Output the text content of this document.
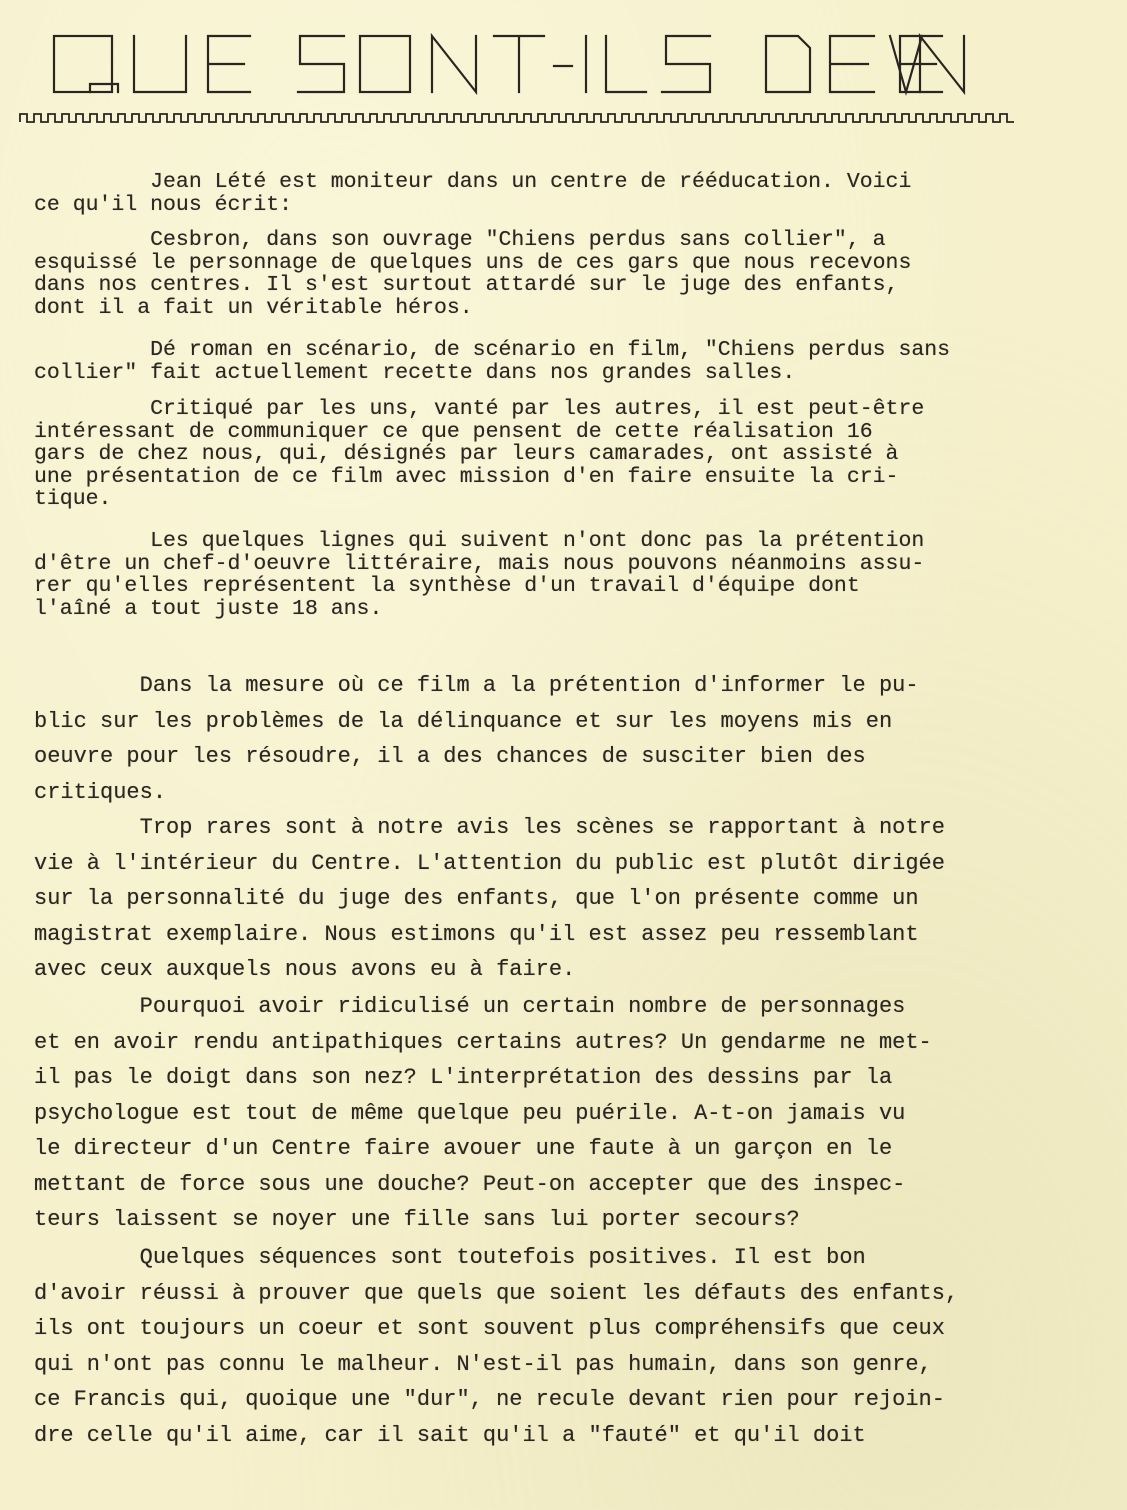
Jean Lété est moniteur dans un centre de rééducation. Voici
ce qu'il nous écrit:

Cesbron, dans son ouvrage "Chiens perdus sans collier", a
esquissé le personnage de quelques uns de ces gars que nous recevons
dans nos centres. Il s'est surtout attardé sur le juge des enfants,
dont il a fait un véritable héros.

Dé roman en scénario, de scénario en film, "Chiens perdus sans
collier" fait actuellement recette dans nos grandes salles.

Critiqué par les uns, vanté par les autres, il est peut-être
intéressant de communiquer ce que pensent de cette réalisation 16
gars de chez nous, qui, désignés par leurs camarades, ont assisté à
une présentation de ce film avec mission d'en faire ensuite la cri-
tique.

Les quelques lignes qui suivent n'ont donc pas la prétention
d'être un chef-d'oeuvre littéraire, mais nous pouvons néanmoins assu-
rer qu'elles représentent la synthèse d'un travail d'équipe dont
l'aîné a tout juste 18 ans.

Dans la mesure où ce film a la prétention d'informer le pu-
blic sur les problèmes de la délinquance et sur les moyens mis en
oeuvre pour les résoudre, il a des chances de susciter bien des
critiques.

Trop rares sont à notre avis les scènes se rapportant à notre
vie à l'intérieur du Centre. L'attention du public est plutôt dirigée
sur la personnalité du juge des enfants, que l'on présente comme un
magistrat exemplaire. Nous estimons qu'il est assez peu ressemblant
avec ceux auxquels nous avons eu à faire.

Pourquoi avoir ridiculisé un certain nombre de personnages
et en avoir rendu antipathiques certains autres? Un gendarme ne met-
il pas le doigt dans son nez? L'interprétation des dessins par la
psychologue est tout de même quelque peu puérile. A-t-on jamais vu
le directeur d'un Centre faire avouer une faute à un garçon en le
mettant de force sous une douche? Peut-on accepter que des inspec-
teurs laissent se noyer une fille sans lui porter secours?

Quelques séquences sont toutefois positives. Il est bon
d'avoir réussi à prouver que quels que soient les défauts des enfants,
ils ont toujours un coeur et sont souvent plus compréhensifs que ceux
qui n'ont pas connu le malheur. N'est-il pas humain, dans son genre,
ce Francis qui, quoique une "dur", ne recule devant rien pour rejoin-
dre celle qu'il aime, car il sait qu'il a "fauté" et qu'il doit
